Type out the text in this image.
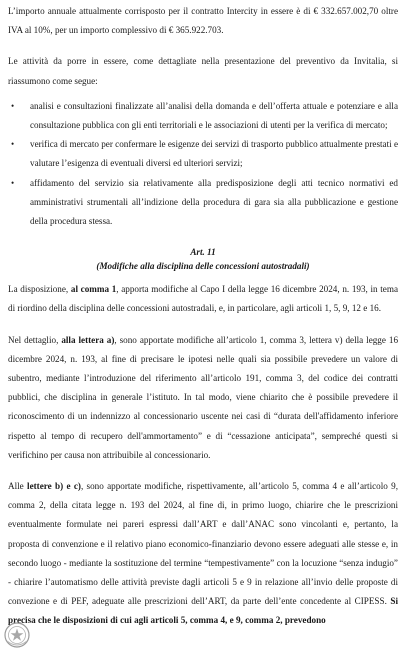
L’importo annuale attualmente corrisposto per il contratto Intercity in essere è di € 332.657.002,70 oltre IVA al 10%, per un importo complessivo di € 365.922.703.

Le attività da porre in essere, come dettagliate nella presentazione del preventivo da Invitalia, si riassumono come segue:

• analisi e consultazioni finalizzate all’analisi della domanda e dell’offerta attuale e potenziare e alla consultazione pubblica con gli enti territoriali e le associazioni di utenti per la verifica di mercato;
• verifica di mercato per confermare le esigenze dei servizi di trasporto pubblico attualmente prestati e valutare l’esigenza di eventuali diversi ed ulteriori servizi;
• affidamento del servizio sia relativamente alla predisposizione degli atti tecnico normativi ed amministrativi strumentali all’indizione della procedura di gara sia alla pubblicazione e gestione della procedura stessa.
Art. 11
(Modifiche alla disciplina delle concessioni autostradali)

La disposizione, al comma 1, apporta modifiche al Capo I della legge 16 dicembre 2024, n. 193, in tema di riordino della disciplina delle concessioni autostradali, e, in particolare, agli articoli 1, 5, 9, 12 e 16.

Nel dettaglio, alla lettera a), sono apportate modifiche all’articolo 1, comma 3, lettera v) della legge 16 dicembre 2024, n. 193, al fine di precisare le ipotesi nelle quali sia possibile prevedere un valore di subentro, mediante l’introduzione del riferimento all’articolo 191, comma 3, del codice dei contratti pubblici, che disciplina in generale l’istituto. In tal modo, viene chiarito che è possibile prevedere il riconoscimento di un indennizzo al concessionario uscente nei casi di “durata dell'affidamento inferiore rispetto al tempo di recupero dell'ammortamento” e di “cessazione anticipata”, sempreché questi si verifichino per causa non attribuibile al concessionario.

Alle lettere b) e c), sono apportate modifiche, rispettivamente, all’articolo 5, comma 4 e all’articolo 9, comma 2, della citata legge n. 193 del 2024, al fine di, in primo luogo, chiarire che le prescrizioni eventualmente formulate nei pareri espressi dall’ART e dall’ANAC sono vincolanti e, pertanto, la proposta di convenzione e il relativo piano economico-finanziario devono essere adeguati alle stesse e, in secondo luogo - mediante la sostituzione del termine “tempestivamente” con la locuzione “senza indugio” - chiarire l’automatismo delle attività previste dagli articoli 5 e 9 in relazione all’invio delle proposte di convezione e di PEF, adeguate alle prescrizioni dell’ART, da parte dell’ente concedente al CIPESS. Si precisa che le disposizioni di cui agli articoli 5, comma 4, e 9, comma 2, prevedono
